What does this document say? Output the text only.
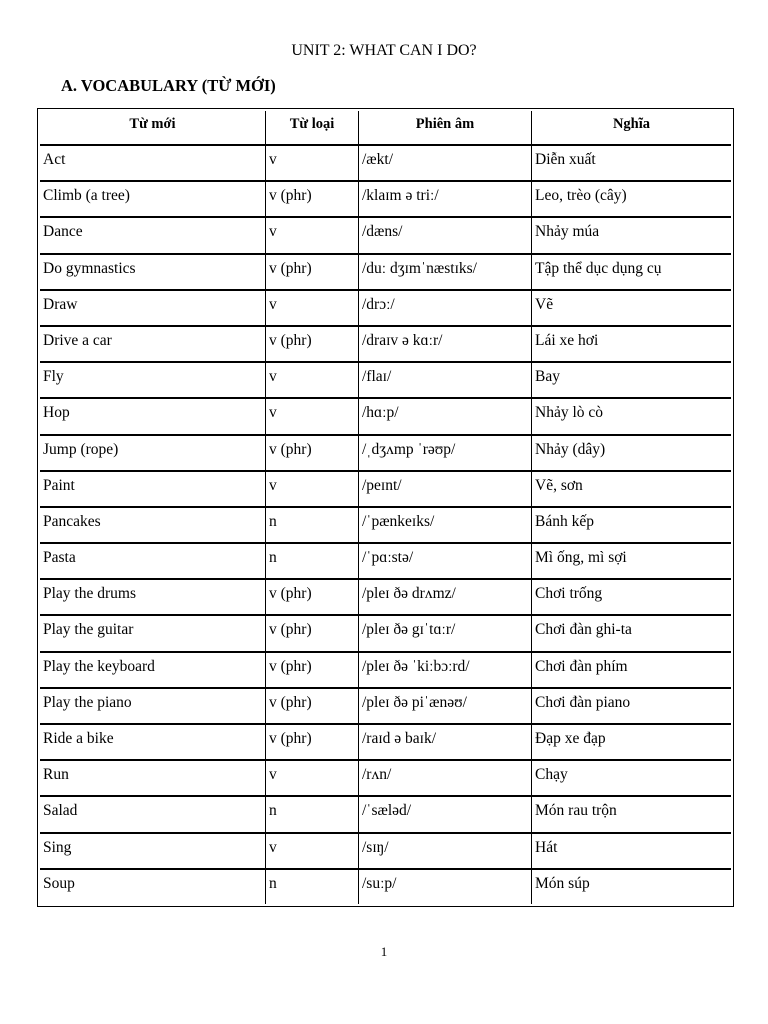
UNIT 2: WHAT CAN I DO?
A. VOCABULARY (TỪ MỚI)
Từ mới	Từ loại	Phiên âm	Nghĩa
Act	v	/ækt/	Diễn xuất
Climb (a tree)	v (phr)	/klaɪm ə triː/	Leo, trèo (cây)
Dance	v	/dæns/	Nhảy múa
Do gymnastics	v (phr)	/duː dʒɪmˈnæstɪks/	Tập thể dục dụng cụ
Draw	v	/drɔː/	Vẽ
Drive a car	v (phr)	/draɪv ə kɑːr/	Lái xe hơi
Fly	v	/flaɪ/	Bay
Hop	v	/hɑːp/	Nhảy lò cò
Jump (rope)	v (phr)	/ˌdʒʌmp ˈrəʊp/	Nhảy (dây)
Paint	v	/peɪnt/	Vẽ, sơn
Pancakes	n	/ˈpænkeɪks/	Bánh kếp
Pasta	n	/ˈpɑːstə/	Mì ống, mì sợi
Play the drums	v (phr)	/pleɪ ðə drʌmz/	Chơi trống
Play the guitar	v (phr)	/pleɪ ðə gɪˈtɑːr/	Chơi đàn ghi-ta
Play the keyboard	v (phr)	/pleɪ ðə ˈkiːbɔːrd/	Chơi đàn phím
Play the piano	v (phr)	/pleɪ ðə piˈænəʊ/	Chơi đàn piano
Ride a bike	v (phr)	/raɪd ə baɪk/	Đạp xe đạp
Run	v	/rʌn/	Chạy
Salad	n	/ˈsæləd/	Món rau trộn
Sing	v	/sɪŋ/	Hát
Soup	n	/suːp/	Món súp
1
